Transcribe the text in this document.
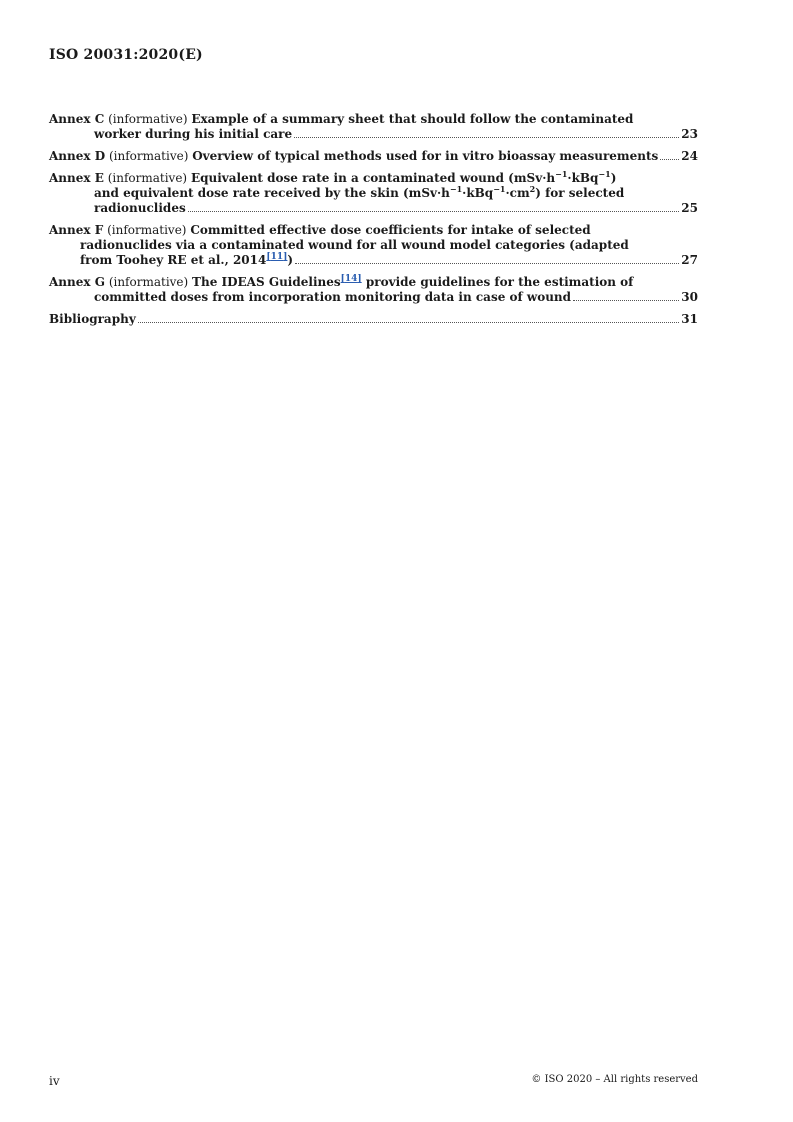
ISO 20031:2020(E)
Annex C (informative) Example of a summary sheet that should follow the contaminated
worker during his initial care	23
Annex D (informative) Overview of typical methods used for in vitro bioassay measurements 24
Annex E (informative) Equivalent dose rate in a contaminated wound $(mSv\cdot h^{-1}\cdot kBq^{-1})$
and equivalent dose rate received by the skin $(mSv\cdot h^{-1}\cdot kBq^{-1}\cdot cm^2)$ for selected
radionuclides	25
Annex F (informative) Committed effective dose coefficients for intake of selected
radionuclides via a contaminated wound for all wound model categories (adapted
from Toohey RE et al., 2014[11])	27
Annex G (informative) The IDEAS Guidelines[14] provide guidelines for the estimation of
committed doses from incorporation monitoring data in case of wound	30
Bibliography	31
iv	© ISO 2020 – All rights reserved
